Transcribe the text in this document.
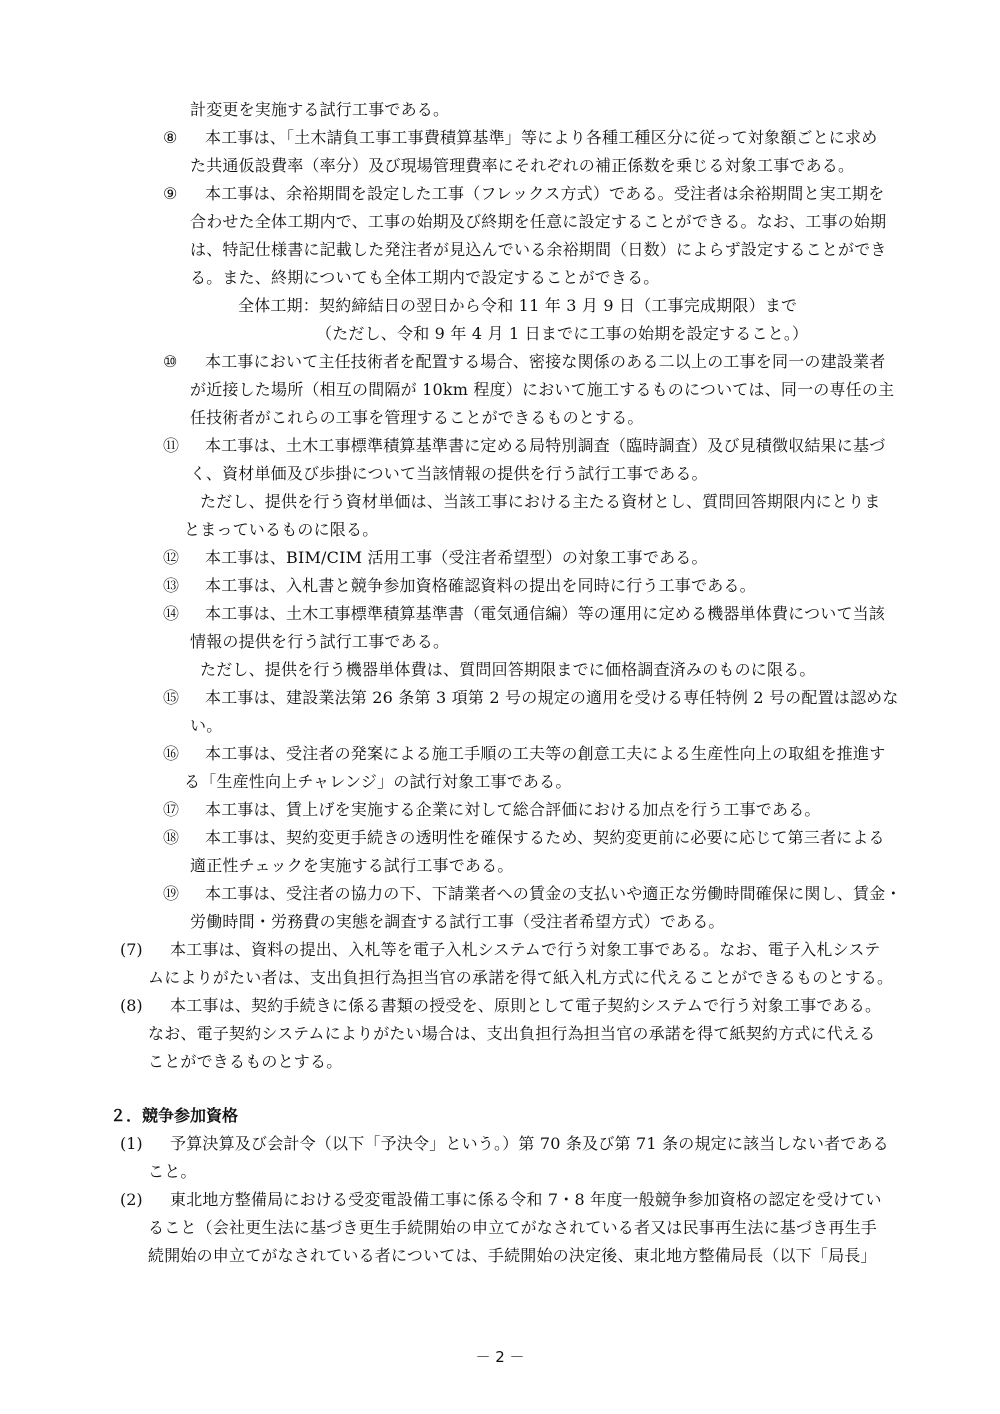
計変更を実施する試行工事である。
⑧ 本工事は、「土木請負工事工事費積算基準」等により各種工種区分に従って対象額ごとに求め
た共通仮設費率（率分）及び現場管理費率にそれぞれの補正係数を乗じる対象工事である。
⑨ 本工事は、余裕期間を設定した工事（フレックス方式）である。受注者は余裕期間と実工期を
合わせた全体工期内で、工事の始期及び終期を任意に設定することができる。なお、工事の始期
は、特記仕様書に記載した発注者が見込んでいる余裕期間（日数）によらず設定することができ
る。また、終期についても全体工期内で設定することができる。
全体工期：契約締結日の翌日から令和 11 年 3 月 9 日（工事完成期限）まで
（ただし、令和 9 年 4 月 1 日までに工事の始期を設定すること。）
⑩ 本工事において主任技術者を配置する場合、密接な関係のある二以上の工事を同一の建設業者
が近接した場所（相互の間隔が 10km 程度）において施工するものについては、同一の専任の主
任技術者がこれらの工事を管理することができるものとする。
⑪ 本工事は、土木工事標準積算基準書に定める局特別調査（臨時調査）及び見積徴収結果に基づ
く、資材単価及び歩掛について当該情報の提供を行う試行工事である。
ただし、提供を行う資材単価は、当該工事における主たる資材とし、質問回答期限内にとりま
とまっているものに限る。
⑫ 本工事は、BIM/CIM 活用工事（受注者希望型）の対象工事である。
⑬ 本工事は、入札書と競争参加資格確認資料の提出を同時に行う工事である。
⑭ 本工事は、土木工事標準積算基準書（電気通信編）等の運用に定める機器単体費について当該
情報の提供を行う試行工事である。
ただし、提供を行う機器単体費は、質問回答期限までに価格調査済みのものに限る。
⑮ 本工事は、建設業法第 26 条第 3 項第 2 号の規定の適用を受ける専任特例 2 号の配置は認めな
い。
⑯ 本工事は、受注者の発案による施工手順の工夫等の創意工夫による生産性向上の取組を推進す
る「生産性向上チャレンジ」の試行対象工事である。
⑰ 本工事は、賃上げを実施する企業に対して総合評価における加点を行う工事である。
⑱ 本工事は、契約変更手続きの透明性を確保するため、契約変更前に必要に応じて第三者による
適正性チェックを実施する試行工事である。
⑲ 本工事は、受注者の協力の下、下請業者への賃金の支払いや適正な労働時間確保に関し、賃金・
労働時間・労務費の実態を調査する試行工事（受注者希望方式）である。
(7) 本工事は、資料の提出、入札等を電子入札システムで行う対象工事である。なお、電子入札システ
ムによりがたい者は、支出負担行為担当官の承諾を得て紙入札方式に代えることができるものとする。
(8) 本工事は、契約手続きに係る書類の授受を、原則として電子契約システムで行う対象工事である。
なお、電子契約システムによりがたい場合は、支出負担行為担当官の承諾を得て紙契約方式に代える
ことができるものとする。
２．競争参加資格
(1) 予算決算及び会計令（以下「予決令」という。）第 70 条及び第 71 条の規定に該当しない者である
こと。
(2) 東北地方整備局における受変電設備工事に係る令和 7・8 年度一般競争参加資格の認定を受けてい
ること（会社更生法に基づき更生手続開始の申立てがなされている者又は民事再生法に基づき再生手
続開始の申立てがなされている者については、手続開始の決定後、東北地方整備局長（以下「局長」
－ 2 －
